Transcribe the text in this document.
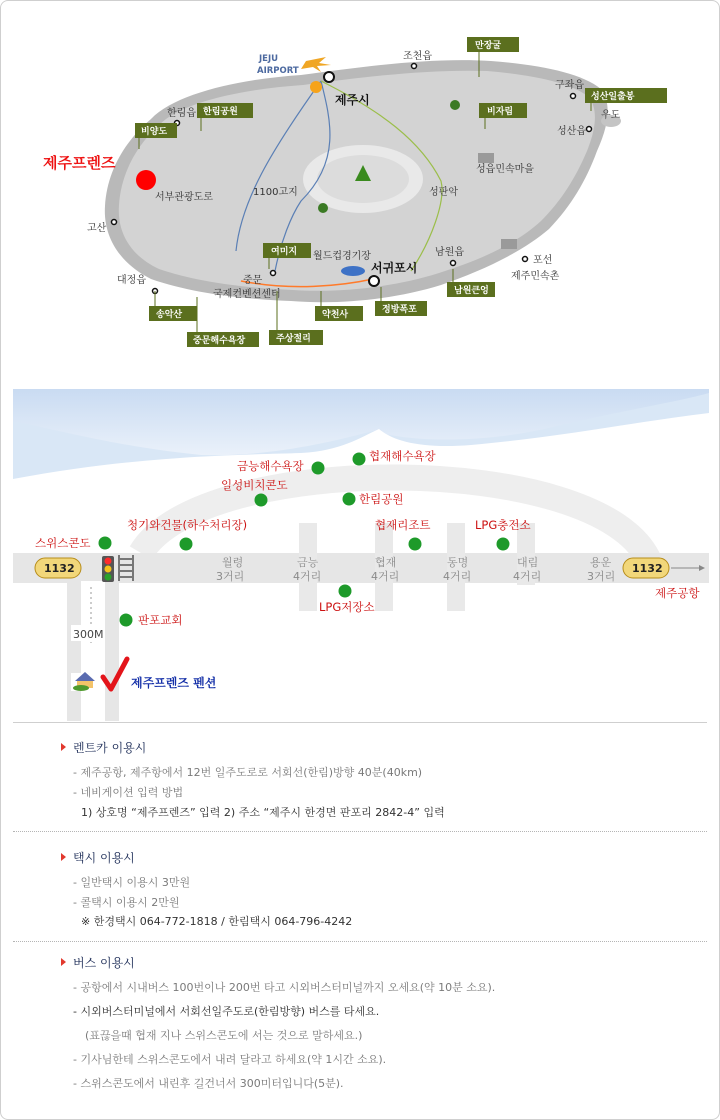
JEJU
AIRPORT
제주시
서귀포시
조천읍
구좌읍
우도
성산읍
한림읍
고산
대정읍	중문
남원읍
포선
1100고지	성판악
서부관광도로
성읍민속마을
월드컵경기장
국제컨벤션센터
제주민속촌
만장굴
성산일출봉
한림공원
비양도
비자림
여미지
송악산	약천사
주상절리
중문해수욕장
정방폭포
남원큰엉
제주프렌즈
1132	1132
제주공항
월령
3거리
금능
4거리
협재
4거리
동명
4거리
대림
4거리
용운
3거리
협재해수욕장
금능해수욕장
일성비치콘도
한림공원
청기와건물(하수처리장)	협재리조트	LPG충전소
스위스콘도
LPG저장소
판포교회
300M
제주프렌즈 펜션
렌트카 이용시
- 제주공항, 제주항에서 12번 일주도로로 서회선(한림)방향 40분(40km)
- 네비게이션 입력 방법
1) 상호명 “제주프렌즈” 입력 2) 주소 “제주시 한경면 판포리 2842-4” 입력
택시 이용시
- 일반택시 이용시 3만원
- 콜택시 이용시 2만원
※ 한경택시 064-772-1818 / 한림택시 064-796-4242
버스 이용시
- 공항에서 시내버스 100번이나 200번 타고 시외버스터미널까지 오세요(약 10분 소요).
- 시외버스터미널에서 서회선일주도로(한림방향) 버스를 타세요.
(표끊을때 협재 지나 스위스콘도에 서는 것으로 말하세요.)
- 기사님한테 스위스콘도에서 내려 달라고 하세요(약 1시간 소요).
- 스위스콘도에서 내린후 길건너서 300미터입니다(5분).
